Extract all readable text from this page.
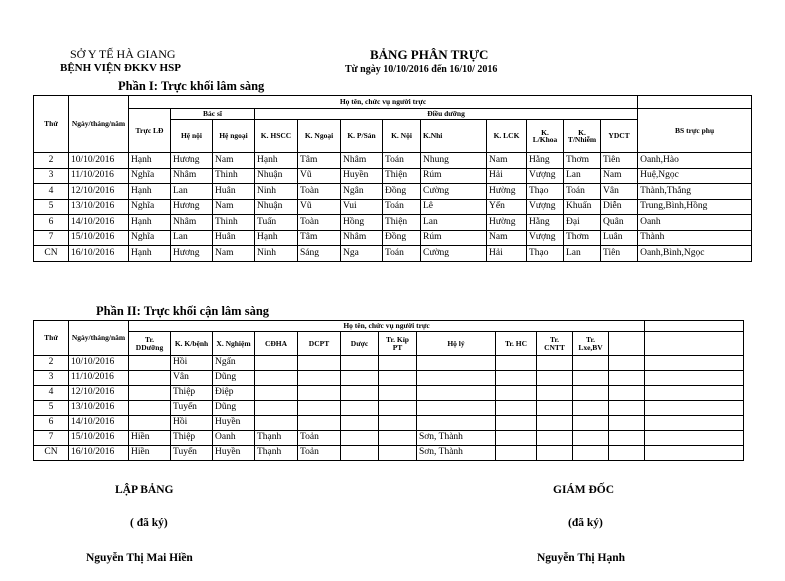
SỞ Y TẾ HÀ GIANG
BỆNH VIỆN ĐKKV HSP
BẢNG PHÂN TRỰC
Từ ngày 10/10/2016 đến 16/10/ 2016
Phần I: Trực khối lâm sàng
Thứ	Ngày/tháng/năm	Họ tên, chức vụ người trực												
		Trực LĐ	Bác sĩ		Điều dưỡng									BS trực phụ
			Hệ nội	Hệ ngoại	K. HSCC	K. Ngoại	K. P/Sản	K. Nội	K.Nhi	K. LCK	K. L/Khoa	K. T/Nhiễm	YDCT	
2	10/10/2016	Hạnh	Hương	Nam	Hạnh	Tâm	Nhâm	Toán	Nhung	Nam	Hằng	Thơm	Tiên	Oanh,Hào
3	11/10/2016	Nghĩa	Nhâm	Thinh	Nhuận	Vũ	Huyền	Thiện	Rúm	Hải	Vượng	Lan	Nam	Huệ,Ngọc
4	12/10/2016	Hạnh	Lan	Huân	Ninh	Toàn	Ngân	Đồng	Cường	Hường	Thạo	Toán	Vân	Thành,Thắng
5	13/10/2016	Nghĩa	Hương	Nam	Nhuận	Vũ	Vui	Toán	Lê	Yến	Vượng	Khuấn	Diễn	Trung,Bình,Hồng
6	14/10/2016	Hạnh	Nhâm	Thinh	Tuấn	Toàn	Hồng	Thiện	Lan	Hường	Hằng	Đại	Quân	Oanh
7	15/10/2016	Nghĩa	Lan	Huân	Hạnh	Tâm	Nhâm	Đồng	Rúm	Nam	Vượng	Thơm	Luân	Thành
CN	16/10/2016	Hạnh	Hương	Nam	Ninh	Sáng	Nga	Toán	Cường	Hải	Thạo	Lan	Tiên	Oanh,Bình,Ngọc
Phần II: Trực khối cận lâm sàng
Thứ	Ngày/tháng/năm	Họ tên, chức vụ người trực												
		Tr. DDưỡng	K. K/bệnh	X. Nghiệm	CĐHA	DCPT	Dược	Tr. Kíp PT	Hộ lý	Tr. HC	Tr. CNTT	Tr. Lxe,BV		
2	10/10/2016		Hồi	Ngấn										
3	11/10/2016		Vân	Dũng										
4	12/10/2016		Thiệp	Điệp										
5	13/10/2016		Tuyến	Dũng										
6	14/10/2016		Hồi	Huyền										
7	15/10/2016	Hiền	Thiệp	Oanh	Thạnh	Toản			Sơn, Thành					
CN	16/10/2016	Hiền	Tuyến	Huyền	Thạnh	Toản			Sơn, Thành					
LẬP BẢNG
( đã ký)
Nguyễn Thị Mai Hiền
GIÁM ĐỐC
(đã ký)
Nguyễn Thị Hạnh
